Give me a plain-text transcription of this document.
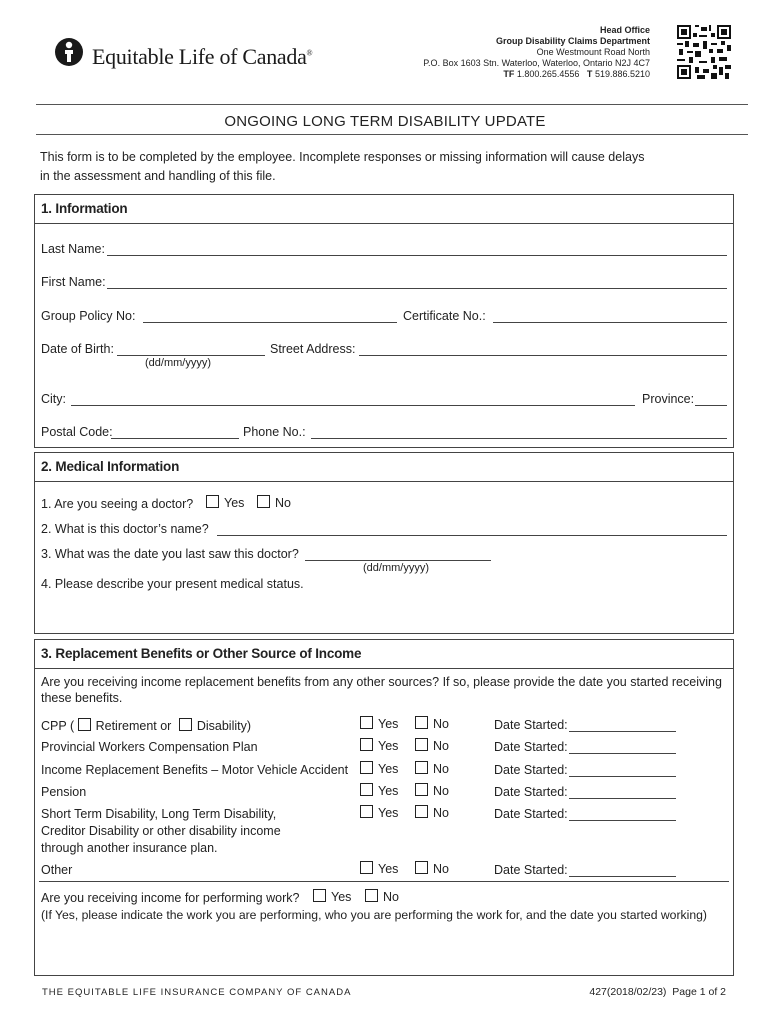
Equitable Life of Canada®
Head Office
Group Disability Claims Department
One Westmount Road North
P.O. Box 1603 Stn. Waterloo, Waterloo, Ontario N2J 4C7
TF 1.800.265.4556 T 519.886.5210
ONGOING LONG TERM DISABILITY UPDATE
This form is to be completed by the employee. Incomplete responses or missing information will cause delays
in the assessment and handling of this file.
1. Information
Last Name:
First Name:
Group Policy No:	Certificate No.:
Date of Birth:
(dd/mm/yyyy)
Street Address:
City:	Province:
Postal Code:	Phone No.:
2. Medical Information
1. Are you seeing a doctor?	Yes	No
2. What is this doctor’s name?
3. What was the date you last saw this doctor?
(dd/mm/yyyy)
4. Please describe your present medical status.
3. Replacement Benefits or Other Source of Income
Are you receiving income replacement benefits from any other sources? If so, please provide the date you started receiving
these benefits.
CPP ( Retirement or Disability)	Yes	No	Date Started:
Provincial Workers Compensation Plan	Yes	No	Date Started:
Income Replacement Benefits – Motor Vehicle Accident	Yes	No	Date Started:
Pension	Yes	No	Date Started:
Short Term Disability, Long Term Disability,
Creditor Disability or other disability income
through another insurance plan.
Yes	No	Date Started:
Other	Yes	No	Date Started:
Are you receiving income for performing work?	Yes	No
(If Yes, please indicate the work you are performing, who you are performing the work for, and the date you started working)
THE EQUITABLE LIFE INSURANCE COMPANY OF CANADA	427(2018/02/23) Page 1 of 2
